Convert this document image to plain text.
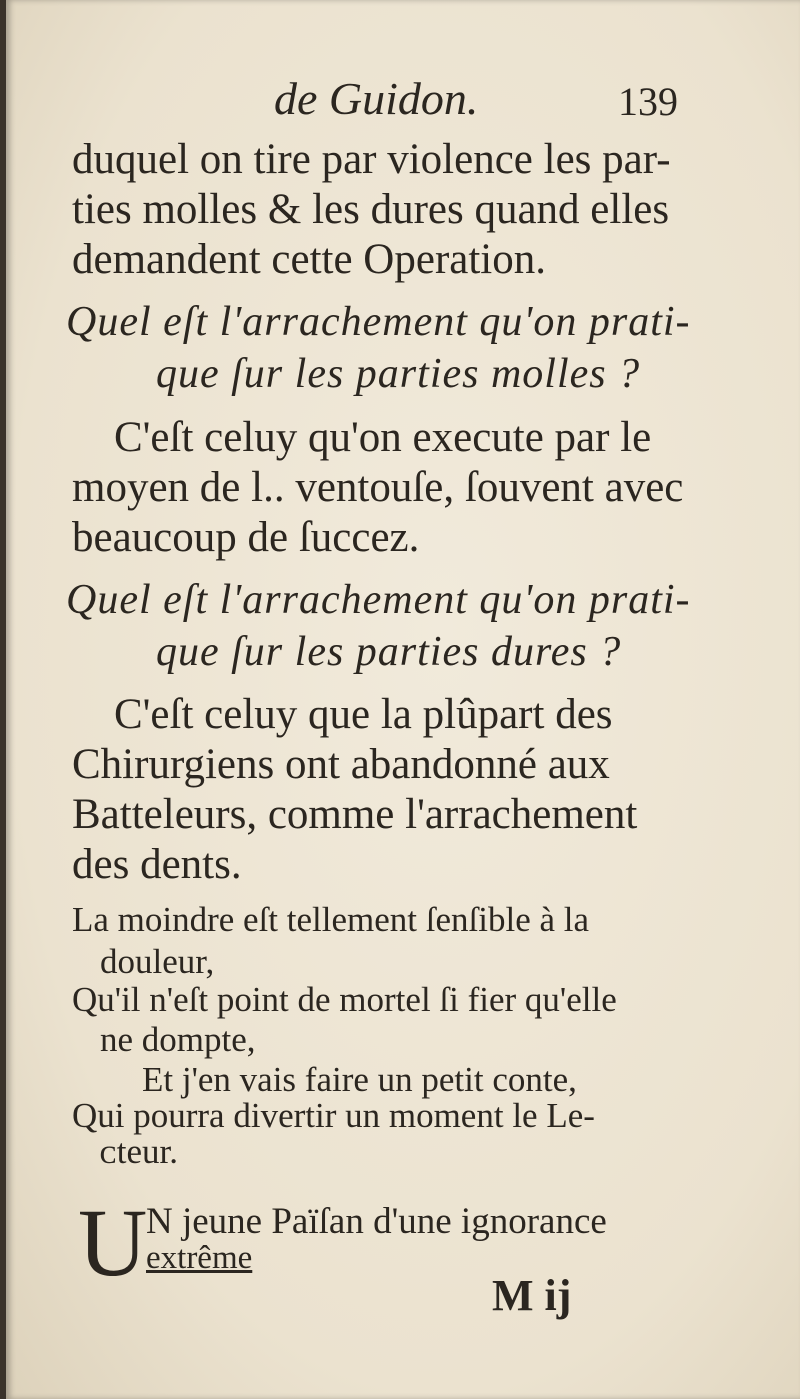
de Guidon.	139
duquel on tire par violence les par-
ties molles & les dures quand elles
demandent cette Operation.
Quel eſt l'arrachement qu'on prati-
que ſur les parties molles ?
C'eſt celuy qu'on execute par le
moyen de l.. ventouſe, ſouvent avec
beaucoup de ſuccez.
Quel eſt l'arrachement qu'on prati-
que ſur les parties dures ?
C'eſt celuy que la plûpart des
Chirurgiens ont abandonné aux
Batteleurs, comme l'arrachement
des dents.
La moindre eſt tellement ſenſible à la
douleur,
Qu'il n'eſt point de mortel ſi fier qu'elle
ne dompte,
Et j'en vais faire un petit conte,
Qui pourra divertir un moment le Le-
ᴄteur.
U
N jeune Païſan d'une ignorance
extrême
M ij
